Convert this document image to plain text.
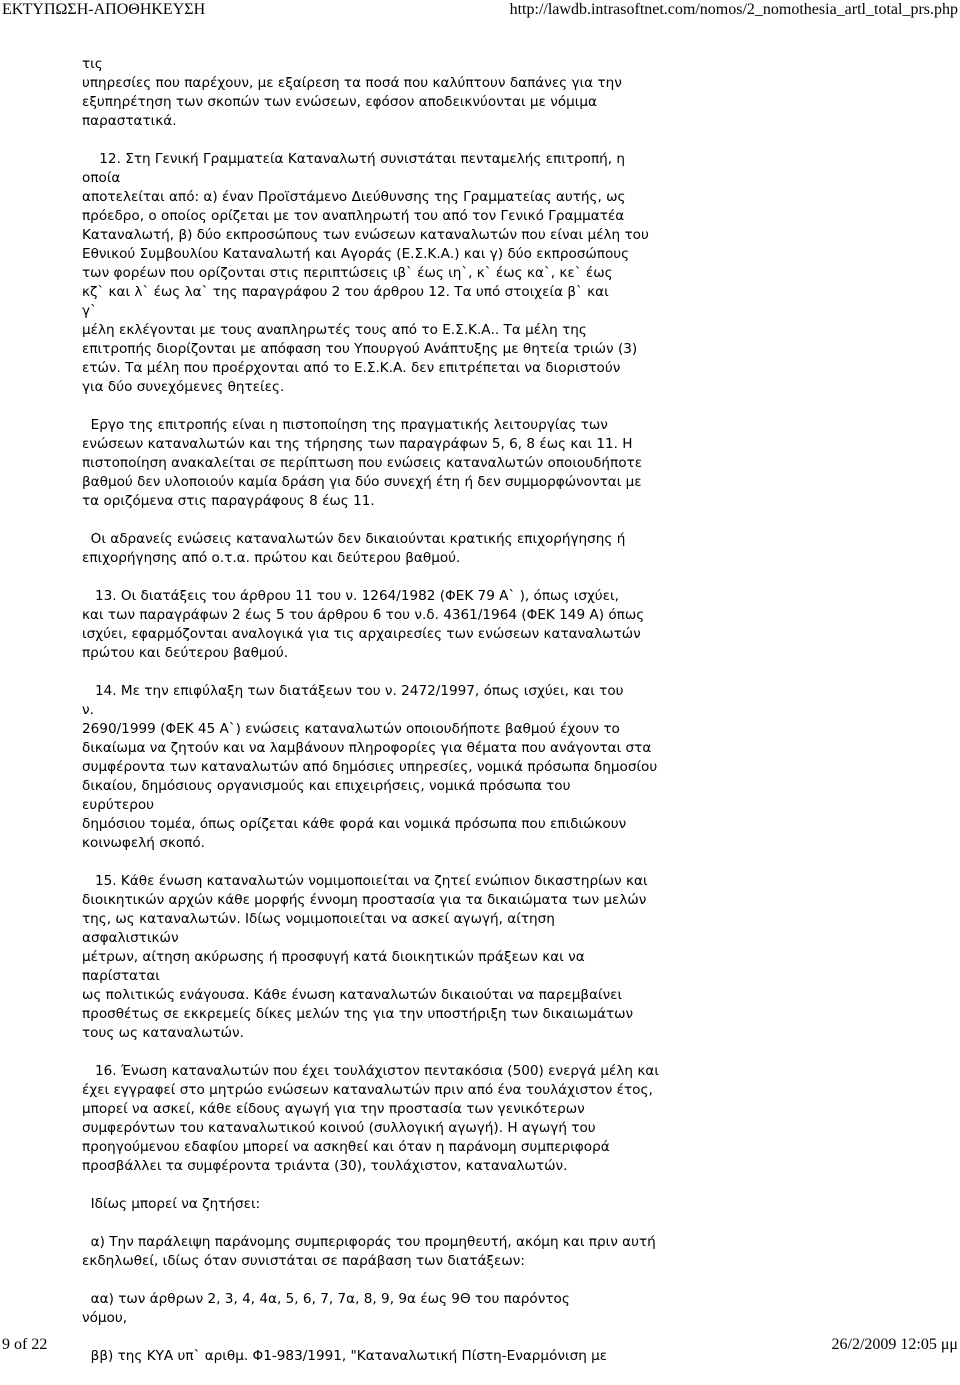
ΕΚΤΥΠΩΣΗ-ΑΠΟΘΗΚΕΥΣΗ	http://lawdb.intrasoftnet.com/nomos/2_nomothesia_artl_total_prs.php

τις
υπηρεσίες που παρέχουν, με εξαίρεση τα ποσά που καλύπτουν δαπάνες για την
εξυπηρέτηση των σκοπών των ενώσεων, εφόσον αποδεικνύονται με νόμιμα
παραστατικά.

12. Στη Γενική Γραμματεία Καταναλωτή συνιστάται πενταμελής επιτροπή, η
οποία
αποτελείται από: α) έναν Προϊστάμενο Διεύθυνσης της Γραμματείας αυτής, ως
πρόεδρο, ο οποίος ορίζεται με τον αναπληρωτή του από τον Γενικό Γραμματέα
Καταναλωτή, β) δύο εκπροσώπους των ενώσεων καταναλωτών που είναι μέλη του
Εθνικού Συμβουλίου Καταναλωτή και Αγοράς (Ε.Σ.Κ.Α.) και γ) δύο εκπροσώπους
των φορέων που ορίζονται στις περιπτώσεις ιβ` έως ιη`, κ` έως κα`, κε` έως
κζ` και λ` έως λα` της παραγράφου 2 του άρθρου 12. Τα υπό στοιχεία β` και
γ`
μέλη εκλέγονται με τους αναπληρωτές τους από το Ε.Σ.Κ.Α.. Τα μέλη της
επιτροπής διορίζονται με απόφαση του Υπουργού Ανάπτυξης με θητεία τριών (3)
ετών. Τα μέλη που προέρχονται από το Ε.Σ.Κ.Α. δεν επιτρέπεται να διοριστούν
για δύο συνεχόμενες θητείες.

Εργο της επιτροπής είναι η πιστοποίηση της πραγματικής λειτουργίας των
ενώσεων καταναλωτών και της τήρησης των παραγράφων 5, 6, 8 έως και 11. Η
πιστοποίηση ανακαλείται σε περίπτωση που ενώσεις καταναλωτών οποιουδήποτε
βαθμού δεν υλοποιούν καμία δράση για δύο συνεχή έτη ή δεν συμμορφώνονται με
τα οριζόμενα στις παραγράφους 8 έως 11.

Οι αδρανείς ενώσεις καταναλωτών δεν δικαιούνται κρατικής επιχορήγησης ή
επιχορήγησης από ο.τ.α. πρώτου και δεύτερου βαθμού.

13. Οι διατάξεις του άρθρου 11 του ν. 1264/1982 (ΦΕΚ 79 Α` ), όπως ισχύει,
και των παραγράφων 2 έως 5 του άρθρου 6 του ν.δ. 4361/1964 (ΦΕΚ 149 Α) όπως
ισχύει, εφαρμόζονται αναλογικά για τις αρχαιρεσίες των ενώσεων καταναλωτών
πρώτου και δεύτερου βαθμού.

14. Με την επιφύλαξη των διατάξεων του ν. 2472/1997, όπως ισχύει, και του
ν.
2690/1999 (ΦΕΚ 45 Α`) ενώσεις καταναλωτών οποιουδήποτε βαθμού έχουν το
δικαίωμα να ζητούν και να λαμβάνουν πληροφορίες για θέματα που ανάγονται στα
συμφέροντα των καταναλωτών από δημόσιες υπηρεσίες, νομικά πρόσωπα δημοσίου
δικαίου, δημόσιους οργανισμούς και επιχειρήσεις, νομικά πρόσωπα του
ευρύτερου
δημόσιου τομέα, όπως ορίζεται κάθε φορά και νομικά πρόσωπα που επιδιώκουν
κοινωφελή σκοπό.

15. Κάθε ένωση καταναλωτών νομιμοποιείται να ζητεί ενώπιον δικαστηρίων και
διοικητικών αρχών κάθε μορφής έννομη προστασία για τα δικαιώματα των μελών
της, ως καταναλωτών. Ιδίως νομιμοποιείται να ασκεί αγωγή, αίτηση
ασφαλιστικών
μέτρων, αίτηση ακύρωσης ή προσφυγή κατά διοικητικών πράξεων και να
παρίσταται
ως πολιτικώς ενάγουσα. Κάθε ένωση καταναλωτών δικαιούται να παρεμβαίνει
προσθέτως σε εκκρεμείς δίκες μελών της για την υποστήριξη των δικαιωμάτων
τους ως καταναλωτών.

16. Ένωση καταναλωτών που έχει τουλάχιστον πεντακόσια (500) ενεργά μέλη και
έχει εγγραφεί στο μητρώο ενώσεων καταναλωτών πριν από ένα τουλάχιστον έτος,
μπορεί να ασκεί, κάθε είδους αγωγή για την προστασία των γενικότερων
συμφερόντων του καταναλωτικού κοινού (συλλογική αγωγή). Η αγωγή του
προηγούμενου εδαφίου μπορεί να ασκηθεί και όταν η παράνομη συμπεριφορά
προσβάλλει τα συμφέροντα τριάντα (30), τουλάχιστον, καταναλωτών.

Ιδίως μπορεί να ζητήσει:

α) Την παράλειψη παράνομης συμπεριφοράς του προμηθευτή, ακόμη και πριν αυτή
εκδηλωθεί, ιδίως όταν συνιστάται σε παράβαση των διατάξεων:

αα) των άρθρων 2, 3, 4, 4α, 5, 6, 7, 7α, 8, 9, 9α έως 9Θ του παρόντος
νόμου,

ββ) της ΚΥΑ υπ` αριθμ. Φ1-983/1991, "Καταναλωτική Πίστη-Εναρμόνιση με

9 of 22	26/2/2009 12:05 μμ
